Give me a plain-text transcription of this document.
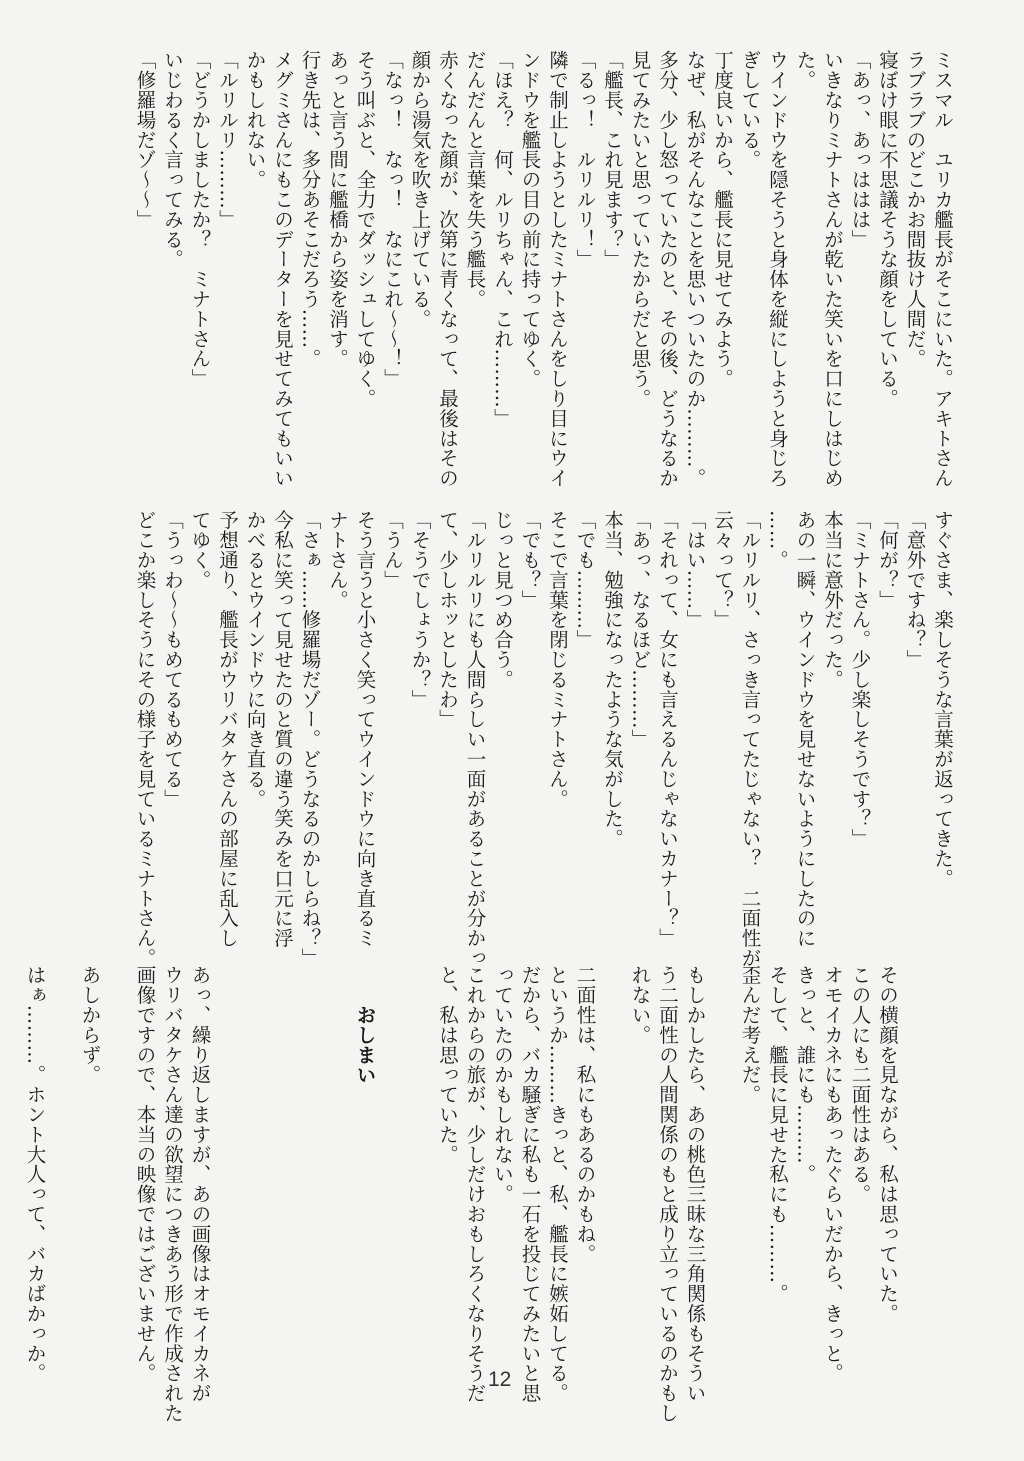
ミスマル　ユリカ艦長がそこにいた。アキトさん
ラブラブのどこかお間抜け人間だ。
寝ぼけ眼に不思議そうな顔をしている。
「あっ、あっははは」
いきなりミナトさんが乾いた笑いを口にしはじめ
た。
ウインドウを隠そうと身体を縦にしようと身じろ
ぎしている。
丁度良いから、艦長に見せてみよう。
なぜ、私がそんなことを思いついたのか………。
多分、少し怒っていたのと、その後、どうなるか
見てみたいと思っていたからだと思う。
「艦長、これ見ます？」
「るっ！　ルリルリ！」
隣で制止しようとしたミナトさんをしり目にウイ
ンドウを艦長の目の前に持ってゆく。
「ほえ？　何、ルリちゃん、これ………」
だんだんと言葉を失う艦長。
赤くなった顔が、次第に青くなって、最後はその
顔から湯気を吹き上げている。
「なっ！　なっ！　なにこれ〜〜！」
そう叫ぶと、全力でダッシュしてゆく。
あっと言う間に艦橋から姿を消す。
行き先は、多分あそこだろう……。
メグミさんにもこのデーターを見せてみてもいい
かもしれない。
「ルリルリ………」
「どうかしましたか？　ミナトさん」
いじわるく言ってみる。
「修羅場だゾ〜〜」
すぐさま、楽しそうな言葉が返ってきた。
「意外ですね？」
「何が？」
「ミナトさん。少し楽しそうです？」
本当に意外だった。
あの一瞬、ウインドウを見せないようにしたのに
……。
「ルリルリ、さっき言ってたじゃない？　二面性が
云々って？」
「はい……」
「それって、女にも言えるんじゃないカナー？」
「あっ、なるほど………」
本当、勉強になったような気がした。
「でも………」
そこで言葉を閉じるミナトさん。
「でも？」
じっと見つめ合う。
「ルリルリにも人間らしい一面があることが分かっ
て、少しホッとしたわ」
「そうでしょうか？」
「うん」
そう言うと小さく笑ってウインドウに向き直るミ
ナトさん。
「さぁ……修羅場だゾー。どうなるのかしらね？」
今私に笑って見せたのと質の違う笑みを口元に浮
かべるとウインドウに向き直る。
予想通り、艦長がウリバタケさんの部屋に乱入し
てゆく。
「うっわ〜〜もめてるもめてる」
どこか楽しそうにその様子を見ているミナトさん。

その横顔を見ながら、私は思っていた。
この人にも二面性はある。
オモイカネにもあったぐらいだから、きっと。
きっと、誰にも………。
そして、艦長に見せた私にも………。
歪んだ考えだ。
もしかしたら、あの桃色三昧な三角関係もそうい
う二面性の人間関係のもと成り立っているのかもし
れない。
二面性は、私にもあるのかもね。
というか………きっと、私、艦長に嫉妬してる。
だから、バカ騒ぎに私も一石を投じてみたいと思
っていたのかもしれない。
これからの旅が、少しだけおもしろくなりそうだ
と、私は思っていた。

おしまい

あっ、繰り返しますが、あの画像はオモイカネが
ウリバタケさん達の欲望につきあう形で作成された
画像ですので、本当の映像ではございません。
あしからず。
はぁ………。ホント大人って、バカばかっか。	12
